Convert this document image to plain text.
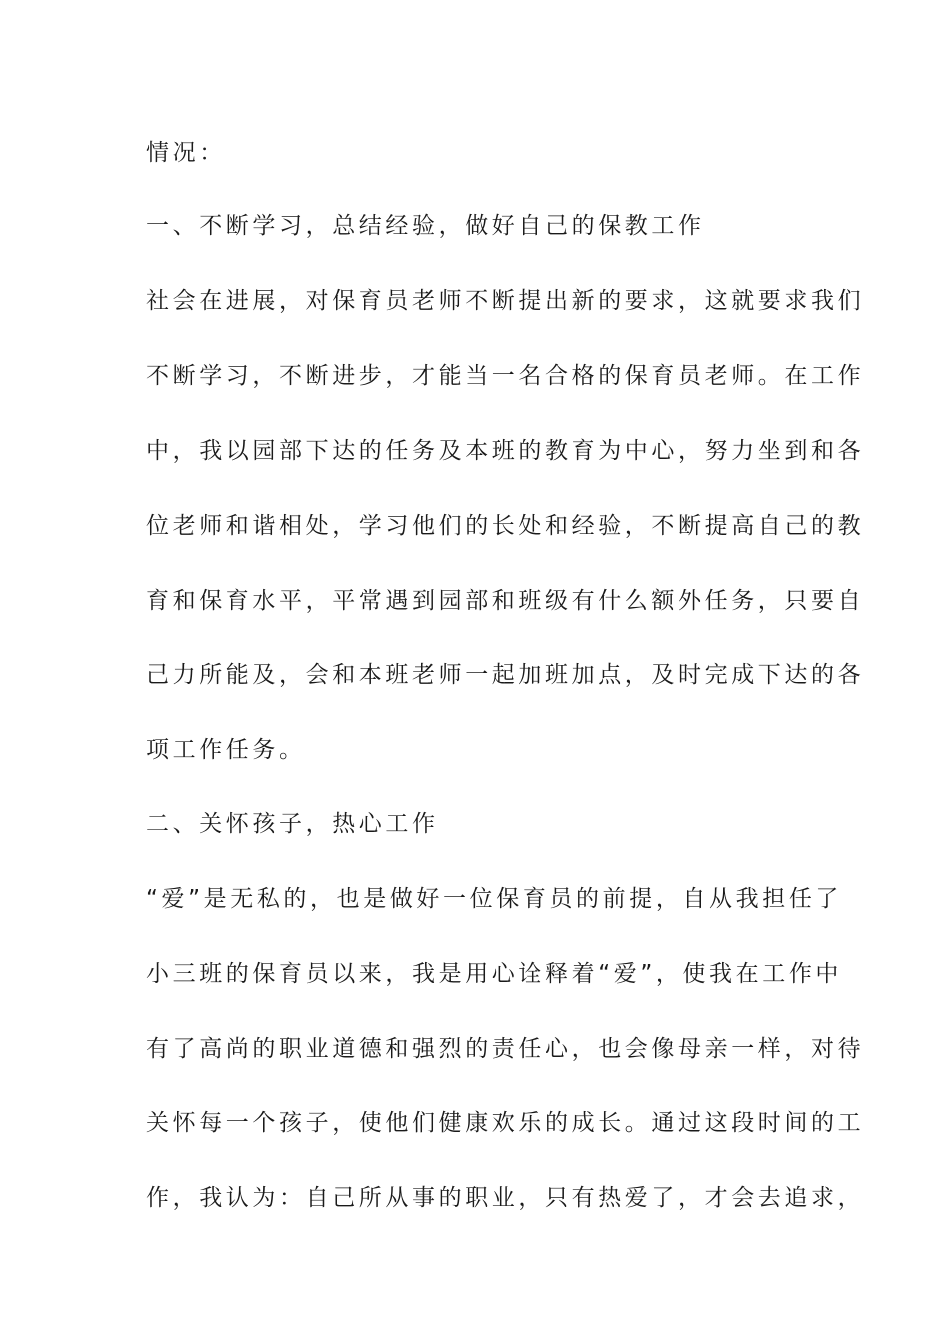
情况：
一、不断学习，总结经验，做好自己的保教工作
社会在进展，对保育员老师不断提出新的要求，这就要求我们
不断学习，不断进步，才能当一名合格的保育员老师。在工作
中，我以园部下达的任务及本班的教育为中心，努力坐到和各
位老师和谐相处，学习他们的长处和经验，不断提高自己的教
育和保育水平，平常遇到园部和班级有什么额外任务，只要自
己力所能及，会和本班老师一起加班加点，及时完成下达的各
项工作任务。
二、关怀孩子，热心工作
“爱”是无私的，也是做好一位保育员的前提，自从我担任了
小三班的保育员以来，我是用心诠释着“爱”，使我在工作中
有了高尚的职业道德和强烈的责任心，也会像母亲一样，对待
关怀每一个孩子，使他们健康欢乐的成长。通过这段时间的工
作，我认为：自己所从事的职业，只有热爱了，才会去追求，
